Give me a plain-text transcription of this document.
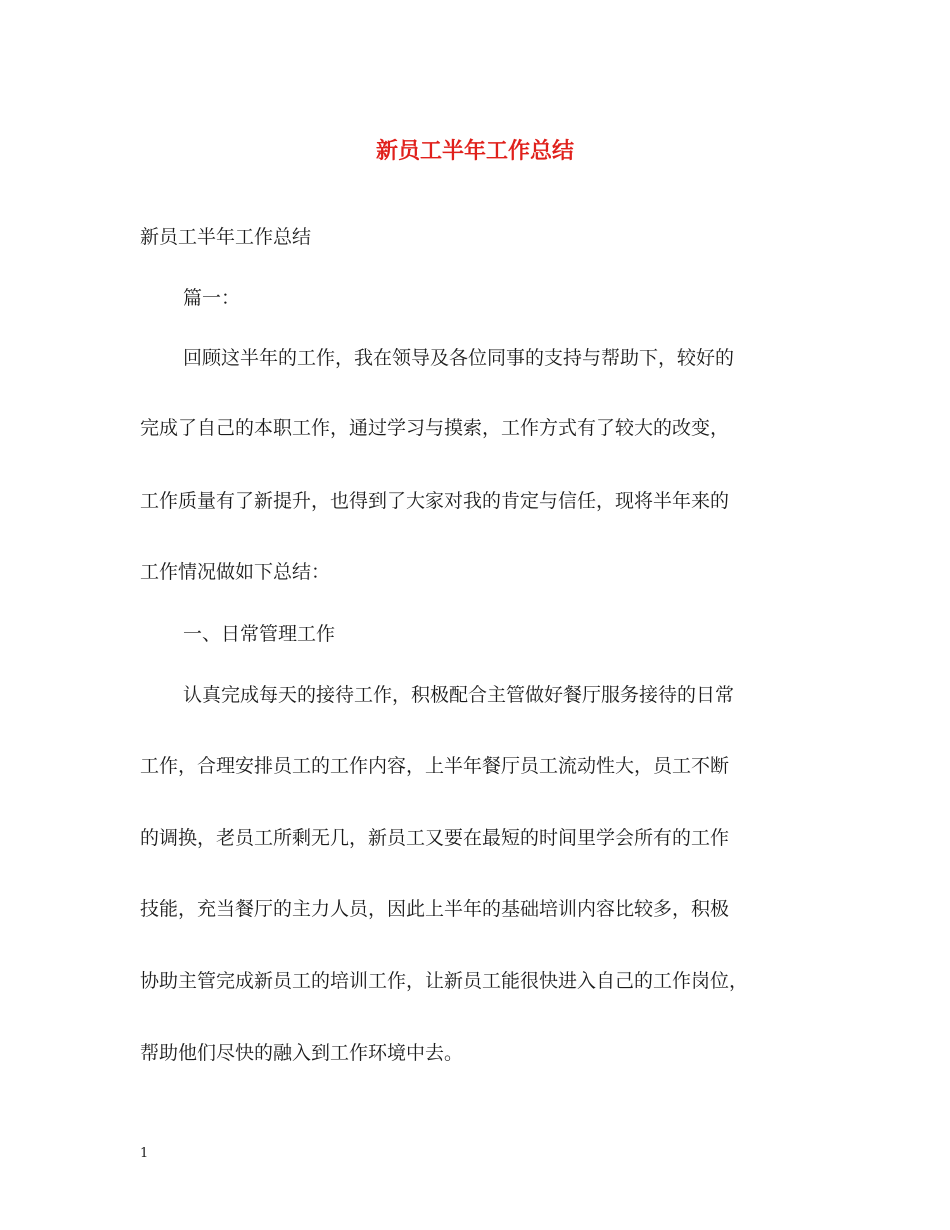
新员工半年工作总结

新员工半年工作总结

篇一：

回顾这半年的工作，我在领导及各位同事的支持与帮助下，较好的

完成了自己的本职工作，通过学习与摸索，工作方式有了较大的改变，

工作质量有了新提升，也得到了大家对我的肯定与信任，现将半年来的

工作情况做如下总结：

一、日常管理工作

认真完成每天的接待工作，积极配合主管做好餐厅服务接待的日常

工作，合理安排员工的工作内容，上半年餐厅员工流动性大，员工不断

的调换，老员工所剩无几，新员工又要在最短的时间里学会所有的工作

技能，充当餐厅的主力人员，因此上半年的基础培训内容比较多，积极

协助主管完成新员工的培训工作，让新员工能很快进入自己的工作岗位，

帮助他们尽快的融入到工作环境中去。

1
